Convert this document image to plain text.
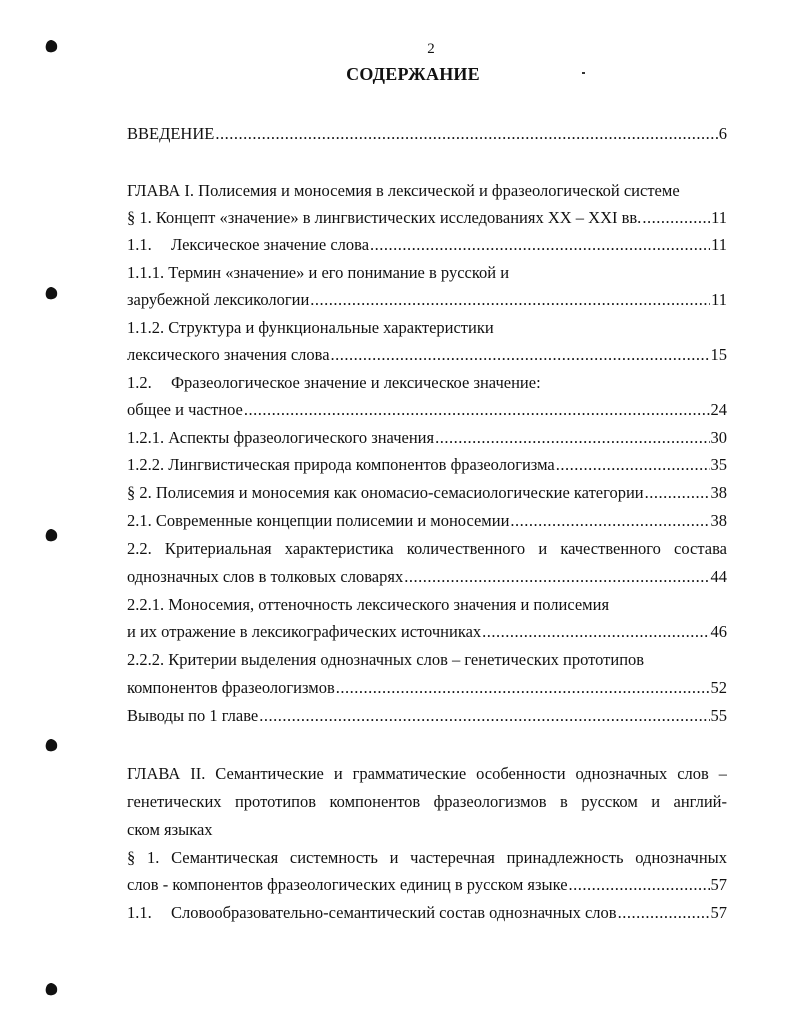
2
СОДЕРЖАНИЕ
ВВЕДЕНИЕ .....	6
ГЛАВА I. Полисемия и моносемия в лексической и фразеологической системе
§ 1. Концепт «значение» в лингвистических исследованиях XX – XXI вв. .....	11
1.1. Лексическое значение слова .....	11
1.1.1. Термин «значение» и его понимание в русской и
зарубежной лексикологии .....	11
1.1.2. Структура и функциональные характеристики
лексического значения слова .....	15
1.2. Фразеологическое значение и лексическое значение:
общее и частное .....	24
1.2.1. Аспекты фразеологического значения .....	30
1.2.2. Лингвистическая природа компонентов фразеологизма .....	35
§ 2. Полисемия и моносемия как ономасио-семасиологические категории .....	38
2.1. Современные концепции полисемии и моносемии .....	38
2.2. Критериальная характеристика количественного и качественного состава
однозначных слов в толковых словарях .....	44
2.2.1. Моносемия, оттеночность лексического значения и полисемия
и их отражение в лексикографических источниках .....	46
2.2.2. Критерии выделения однозначных слов – генетических прототипов
компонентов фразеологизмов .....	52
Выводы по 1 главе .....	55
ГЛАВА II. Семантические и грамматические особенности однозначных слов –
генетических прототипов компонентов фразеологизмов в русском и англий-
ском языках
§ 1. Семантическая системность и частеречная принадлежность однозначных
слов - компонентов фразеологических единиц в русском языке .....	57
1.1. Словообразовательно-семантический состав однозначных слов .....	57
